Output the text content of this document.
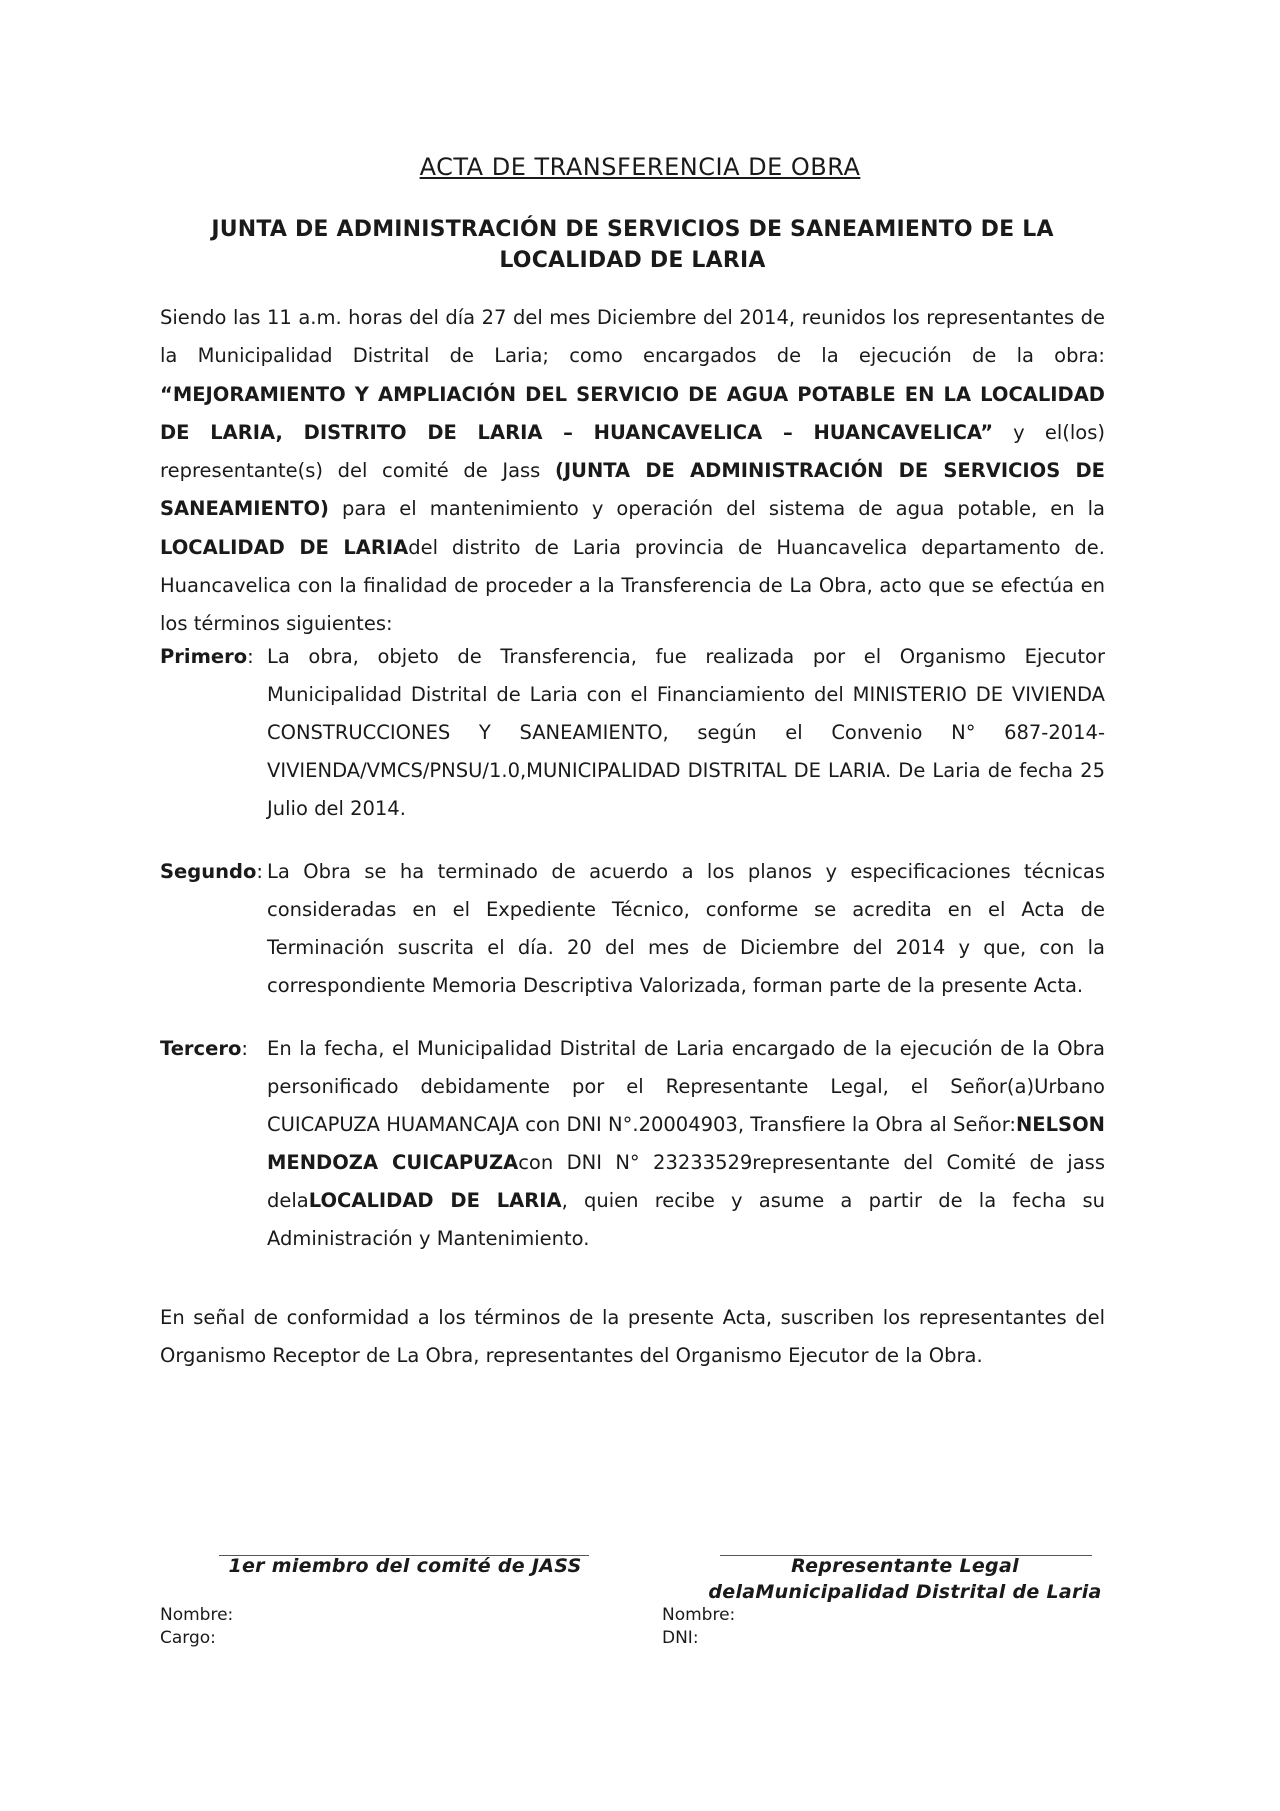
ACTA DE TRANSFERENCIA DE OBRA
JUNTA DE ADMINISTRACIÓN DE SERVICIOS DE SANEAMIENTO DE LA LOCALIDAD DE LARIA

Siendo las 11 a.m. horas del día 27 del mes Diciembre del 2014, reunidos los representantes de la Municipalidad Distrital de Laria; como encargados de la ejecución de la obra: “MEJORAMIENTO Y AMPLIACIÓN DEL SERVICIO DE AGUA POTABLE EN LA LOCALIDAD DE LARIA, DISTRITO DE LARIA – HUANCAVELICA – HUANCAVELICA” y el(los) representante(s) del comité de Jass (JUNTA DE ADMINISTRACIÓN DE SERVICIOS DE SANEAMIENTO) para el mantenimiento y operación del sistema de agua potable, en la LOCALIDAD DE LARIAdel distrito de Laria provincia de Huancavelica departamento de. Huancavelica con la finalidad de proceder a la Transferencia de La Obra, acto que se efectúa en los términos siguientes:

Primero: La obra, objeto de Transferencia, fue realizada por el Organismo Ejecutor Municipalidad Distrital de Laria con el Financiamiento del MINISTERIO DE VIVIENDA CONSTRUCCIONES Y SANEAMIENTO, según el Convenio N° 687-2014-VIVIENDA/VMCS/PNSU/1.0,MUNICIPALIDAD DISTRITAL DE LARIA. De Laria de fecha 25 Julio del 2014.
Segundo: La Obra se ha terminado de acuerdo a los planos y especificaciones técnicas consideradas en el Expediente Técnico, conforme se acredita en el Acta de Terminación suscrita el día. 20 del mes de Diciembre del 2014 y que, con la correspondiente Memoria Descriptiva Valorizada, forman parte de la presente Acta.
Tercero: En la fecha, el Municipalidad Distrital de Laria encargado de la ejecución de la Obra personificado debidamente por el Representante Legal, el Señor(a)Urbano CUICAPUZA HUAMANCAJA con DNI N°.20004903, Transfiere la Obra al Señor:NELSON MENDOZA CUICAPUZAcon DNI N° 23233529representante del Comité de jass delaLOCALIDAD DE LARIA, quien recibe y asume a partir de la fecha su Administración y Mantenimiento.

En señal de conformidad a los términos de la presente Acta, suscriben los representantes del Organismo Receptor de La Obra, representantes del Organismo Ejecutor de la Obra.

1er miembro del comité de JASS	Representante Legal delaMunicipalidad Distrital de Laria
Nombre:
Cargo:
Nombre:
DNI:
